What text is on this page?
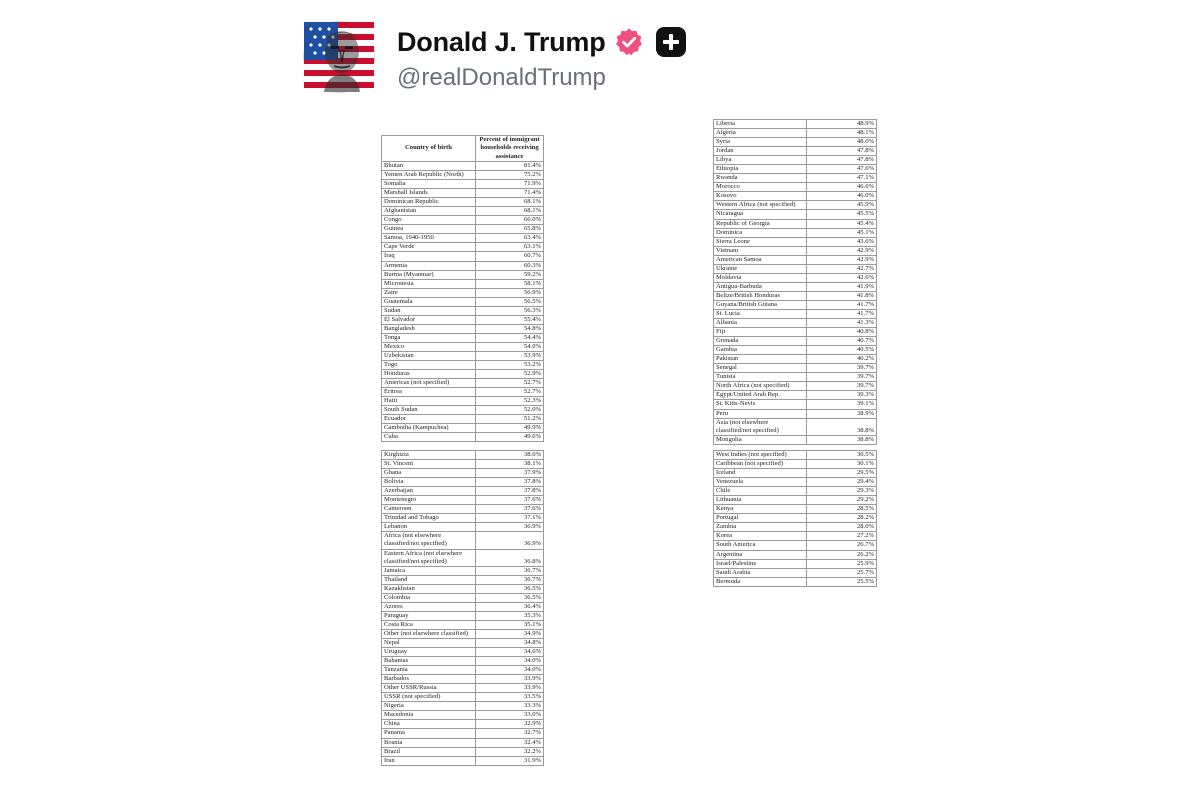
Donald J. Trump
@realDonaldTrump
Country of birth	Percent of immigrant households receiving assistance
Bhutan	81.4%
Yemen Arab Republic (North)	75.2%
Somalia	71.9%
Marshall Islands	71.4%
Dominican Republic	68.1%
Afghanistan	68.1%
Congo	66.0%
Guinea	65.8%
Samoa, 1940-1950	63.4%
Cape Verde	63.1%
Iraq	60.7%
Armenia	60.3%
Burma (Myanmar)	59.2%
Micronesia	58.1%
Zaire	56.9%
Guatemala	56.5%
Sudan	56.3%
El Salvador	55.4%
Bangladesh	54.8%
Tonga	54.4%
Mexico	54.0%
Uzbekistan	53.9%
Togo	53.2%
Honduras	52.9%
Americas (not specified)	52.7%
Eritrea	52.7%
Haiti	52.3%
South Sudan	52.0%
Ecuador	51.2%
Cambodia (Kampuchea)	49.9%
Cuba	49.6%
Liberia	48.9%
Algeria	48.1%
Syria	48.0%
Jordan	47.8%
Libya	47.8%
Ethiopia	47.6%
Rwanda	47.1%
Morocco	46.6%
Kosovo	46.0%
Western Africa (not specified)	45.9%
Nicaragua	45.5%
Republic of Georgia	45.4%
Dominica	45.1%
Sierra Leone	43.6%
Vietnam	42.9%
American Samoa	42.9%
Ukraine	42.7%
Moldavia	42.6%
Antigua-Barbuda	41.9%
Belize/British Honduras	41.8%
Guyana/British Guiana	41.7%
St. Lucia	41.7%
Albania	41.3%
Fiji	40.8%
Grenada	40.7%
Gambia	40.5%
Pakistan	40.2%
Senegal	39.7%
Tunisia	39.7%
North Africa (not specified)	39.7%
Egypt/United Arab Rep.	39.3%
St. Kitts-Nevis	39.1%
Peru	38.9%
Asia (not elsewhere classified/not specified)	38.8%
Mongolia	38.8%
Kirghizia	38.6%
St. Vincent	38.1%
Ghana	37.9%
Bolivia	37.8%
Azerbaijan	37.8%
Montenegro	37.6%
Cameroon	37.6%
Trinidad and Tobago	37.1%
Lebanon	36.9%
Africa (not elsewhere classified/not specified)	36.9%
Eastern Africa (not elsewhere classified/not specified)	36.8%
Jamaica	36.7%
Thailand	36.7%
Kazakhstan	36.5%
Colombia	36.5%
Azores	36.4%
Paraguay	35.3%
Costa Rica	35.1%
Other (not elsewhere classified)	34.9%
Nepal	34.8%
Uruguay	34.6%
Bahamas	34.0%
Tanzania	34.0%
Barbados	33.9%
Other USSR/Russia	33.9%
USSR (not specified)	33.5%
Nigeria	33.3%
Macedonia	33.0%
China	32.9%
Panama	32.7%
Bosnia	32.4%
Brazil	32.2%
Iran	31.9%
West Indies (not specified)	30.5%
Caribbean (not specified)	30.1%
Iceland	29.5%
Venezuela	29.4%
Chile	29.3%
Lithuania	29.2%
Kenya	28.5%
Portugal	28.2%
Zambia	28.0%
Korea	27.2%
South America	26.7%
Argentina	26.2%
Israel/Palestine	25.9%
Saudi Arabia	25.7%
Bermuda	25.5%
